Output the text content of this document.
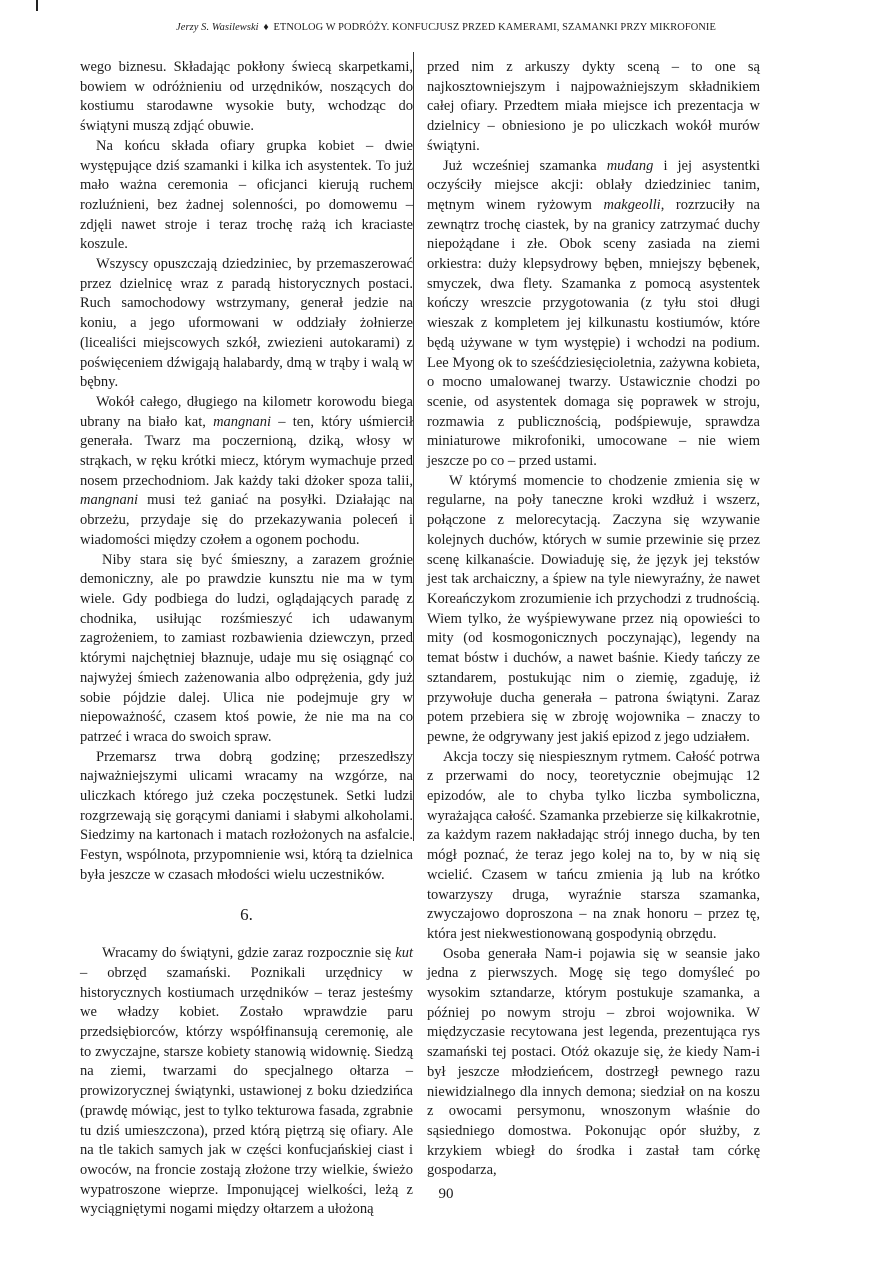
Jerzy S. Wasilewski ♦ ETNOLOG W PODRÓŻY. KONFUCJUSZ PRZED KAMERAMI, SZAMANKI PRZY MIKROFONIE

wego biznesu. Składając pokłony świecą skarpetkami, bowiem w odróżnieniu od urzędników, noszących do kostiumu starodawne wysokie buty, wchodząc do świątyni muszą zdjąć obuwie.

Na końcu składa ofiary grupka kobiet – dwie występujące dziś szamanki i kilka ich asystentek. To już mało ważna ceremonia – oficjanci kierują ruchem rozluźnieni, bez żadnej solenności, po domowemu – zdjęli nawet stroje i teraz trochę rażą ich kraciaste koszule.

Wszyscy opuszczają dziedziniec, by przemaszerować przez dzielnicę wraz z paradą historycznych postaci. Ruch samochodowy wstrzymany, generał jedzie na koniu, a jego uformowani w oddziały żołnierze (licealiści miejscowych szkół, zwiezieni autokarami) z poświęceniem dźwigają halabardy, dmą w trąby i walą w bębny.

Wokół całego, długiego na kilometr korowodu biega ubrany na biało kat, mangnani – ten, który uśmiercił generała. Twarz ma poczernioną, dziką, włosy w strąkach, w ręku krótki miecz, którym wymachuje przed nosem przechodniom. Jak każdy taki dżoker spoza talii, mangnani musi też ganiać na posyłki. Działając na obrzeżu, przydaje się do przekazywania poleceń i wiadomości między czołem a ogonem pochodu.

Niby stara się być śmieszny, a zarazem groźnie demoniczny, ale po prawdzie kunsztu nie ma w tym wiele. Gdy podbiega do ludzi, oglądających paradę z chodnika, usiłując rozśmieszyć ich udawanym zagrożeniem, to zamiast rozbawienia dziewczyn, przed którymi najchętniej błaznuje, udaje mu się osiągnąć co najwyżej śmiech zażenowania albo odprężenia, gdy już sobie pójdzie dalej. Ulica nie podejmuje gry w niepoważność, czasem ktoś powie, że nie ma na co patrzeć i wraca do swoich spraw.

Przemarsz trwa dobrą godzinę; przeszedłszy najważniejszymi ulicami wracamy na wzgórze, na uliczkach którego już czeka poczęstunek. Setki ludzi rozgrzewają się gorącymi daniami i słabymi alkoholami. Siedzimy na kartonach i matach rozłożonych na asfalcie. Festyn, wspólnota, przypomnienie wsi, którą ta dzielnica była jeszcze w czasach młodości wielu uczestników.

6.

Wracamy do świątyni, gdzie zaraz rozpocznie się kut – obrzęd szamański. Poznikali urzędnicy w historycznych kostiumach urzędników – teraz jesteśmy we władzy kobiet. Zostało wprawdzie paru przedsiębiorców, którzy współfinansują ceremonię, ale to zwyczajne, starsze kobiety stanowią widownię. Siedzą na ziemi, twarzami do specjalnego ołtarza – prowizorycznej świątynki, ustawionej z boku dziedzińca (prawdę mówiąc, jest to tylko tekturowa fasada, zgrabnie tu dziś umieszczona), przed którą piętrzą się ofiary. Ale na tle takich samych jak w części konfucjańskiej ciast i owoców, na froncie zostają złożone trzy wielkie, świeżo wypatroszone wieprze. Imponującej wielkości, leżą z wyciągniętymi nogami między ołtarzem a ułożoną

przed nim z arkuszy dykty sceną – to one są najkosztowniejszym i najpoważniejszym składnikiem całej ofiary. Przedtem miała miejsce ich prezentacja w dzielnicy – obniesiono je po uliczkach wokół murów świątyni.

Już wcześniej szamanka mudang i jej asystentki oczyściły miejsce akcji: oblały dziedziniec tanim, mętnym winem ryżowym makgeolli, rozrzuciły na zewnątrz trochę ciastek, by na granicy zatrzymać duchy niepożądane i złe. Obok sceny zasiada na ziemi orkiestra: duży klepsydrowy bęben, mniejszy bębenek, smyczek, dwa flety. Szamanka z pomocą asystentek kończy wreszcie przygotowania (z tyłu stoi długi wieszak z kompletem jej kilkunastu kostiumów, które będą używane w tym występie) i wchodzi na podium. Lee Myong ok to sześćdziesięcioletnia, zażywna kobieta, o mocno umalowanej twarzy. Ustawicznie chodzi po scenie, od asystentek domaga się poprawek w stroju, rozmawia z publicznością, podśpiewuje, sprawdza miniaturowe mikrofoniki, umocowane – nie wiem jeszcze po co – przed ustami.

W którymś momencie to chodzenie zmienia się w regularne, na poły taneczne kroki wzdłuż i wszerz, połączone z melorecytacją. Zaczyna się wzywanie kolejnych duchów, których w sumie przewinie się przez scenę kilkanaście. Dowiaduję się, że język jej tekstów jest tak archaiczny, a śpiew na tyle niewyraźny, że nawet Koreańczykom zrozumienie ich przychodzi z trudnością. Wiem tylko, że wyśpiewywane przez nią opowieści to mity (od kosmogonicznych poczynając), legendy na temat bóstw i duchów, a nawet baśnie. Kiedy tańczy ze sztandarem, postukując nim o ziemię, zgaduję, iż przywołuje ducha generała – patrona świątyni. Zaraz potem przebiera się w zbroję wojownika – znaczy to pewne, że odgrywany jest jakiś epizod z jego udziałem.

Akcja toczy się niespiesznym rytmem. Całość potrwa z przerwami do nocy, teoretycznie obejmując 12 epizodów, ale to chyba tylko liczba symboliczna, wyrażająca całość. Szamanka przebierze się kilkakrotnie, za każdym razem nakładając strój innego ducha, by ten mógł poznać, że teraz jego kolej na to, by w nią się wcielić. Czasem w tańcu zmienia ją lub na krótko towarzyszy druga, wyraźnie starsza szamanka, zwyczajowo doproszona – na znak honoru – przez tę, która jest niekwestionowaną gospodynią obrzędu.

Osoba generała Nam-i pojawia się w seansie jako jedna z pierwszych. Mogę się tego domyśleć po wysokim sztandarze, którym postukuje szamanka, a później po nowym stroju – zbroi wojownika. W międzyczasie recytowana jest legenda, prezentująca rys szamański tej postaci. Otóż okazuje się, że kiedy Nam-i był jeszcze młodzieńcem, dostrzegł pewnego razu niewidzialnego dla innych demona; siedział on na koszu z owocami persymonu, wnoszonym właśnie do sąsiedniego domostwa. Pokonując opór służby, z krzykiem wbiegł do środka i zastał tam córkę gospodarza,

90
